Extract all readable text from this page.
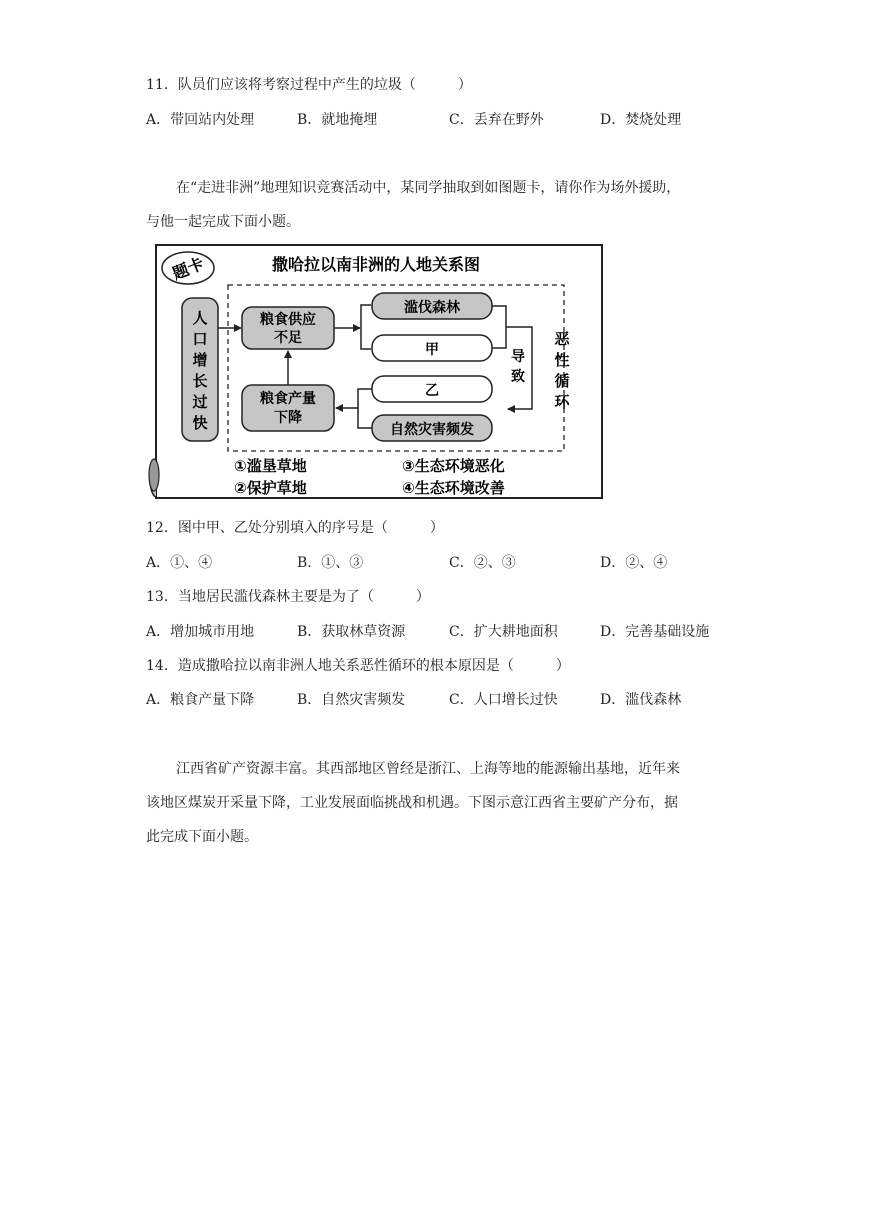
11．队员们应该将考察过程中产生的垃圾（　　　）
A．带回站内处理	B．就地掩埋	C．丢弃在野外	D．焚烧处理
在“走进非洲”地理知识竞赛活动中，某同学抽取到如图题卡，请你作为场外援助，
与他一起完成下面小题。
题卡	撒哈拉以南非洲的人地关系图
人
口
增
长
过
快
粮食供应
不足
滥伐森林
甲	导
致
恶
性
循
环
乙
自然灾害频发
粮食产量
下降
①滥垦草地
②保护草地
③生态环境恶化
④生态环境改善
12．图中甲、乙处分别填入的序号是（　　　）
A．①、④	B．①、③	C．②、③	D．②、④
13．当地居民滥伐森林主要是为了（　　　）
A．增加城市用地	B．获取林草资源	C．扩大耕地面积	D．完善基础设施
14．造成撒哈拉以南非洲人地关系恶性循环的根本原因是（　　　）
A．粮食产量下降	B．自然灾害频发	C．人口增长过快	D．滥伐森林
江西省矿产资源丰富。其西部地区曾经是浙江、上海等地的能源输出基地，近年来
该地区煤炭开采量下降，工业发展面临挑战和机遇。下图示意江西省主要矿产分布，据
此完成下面小题。
